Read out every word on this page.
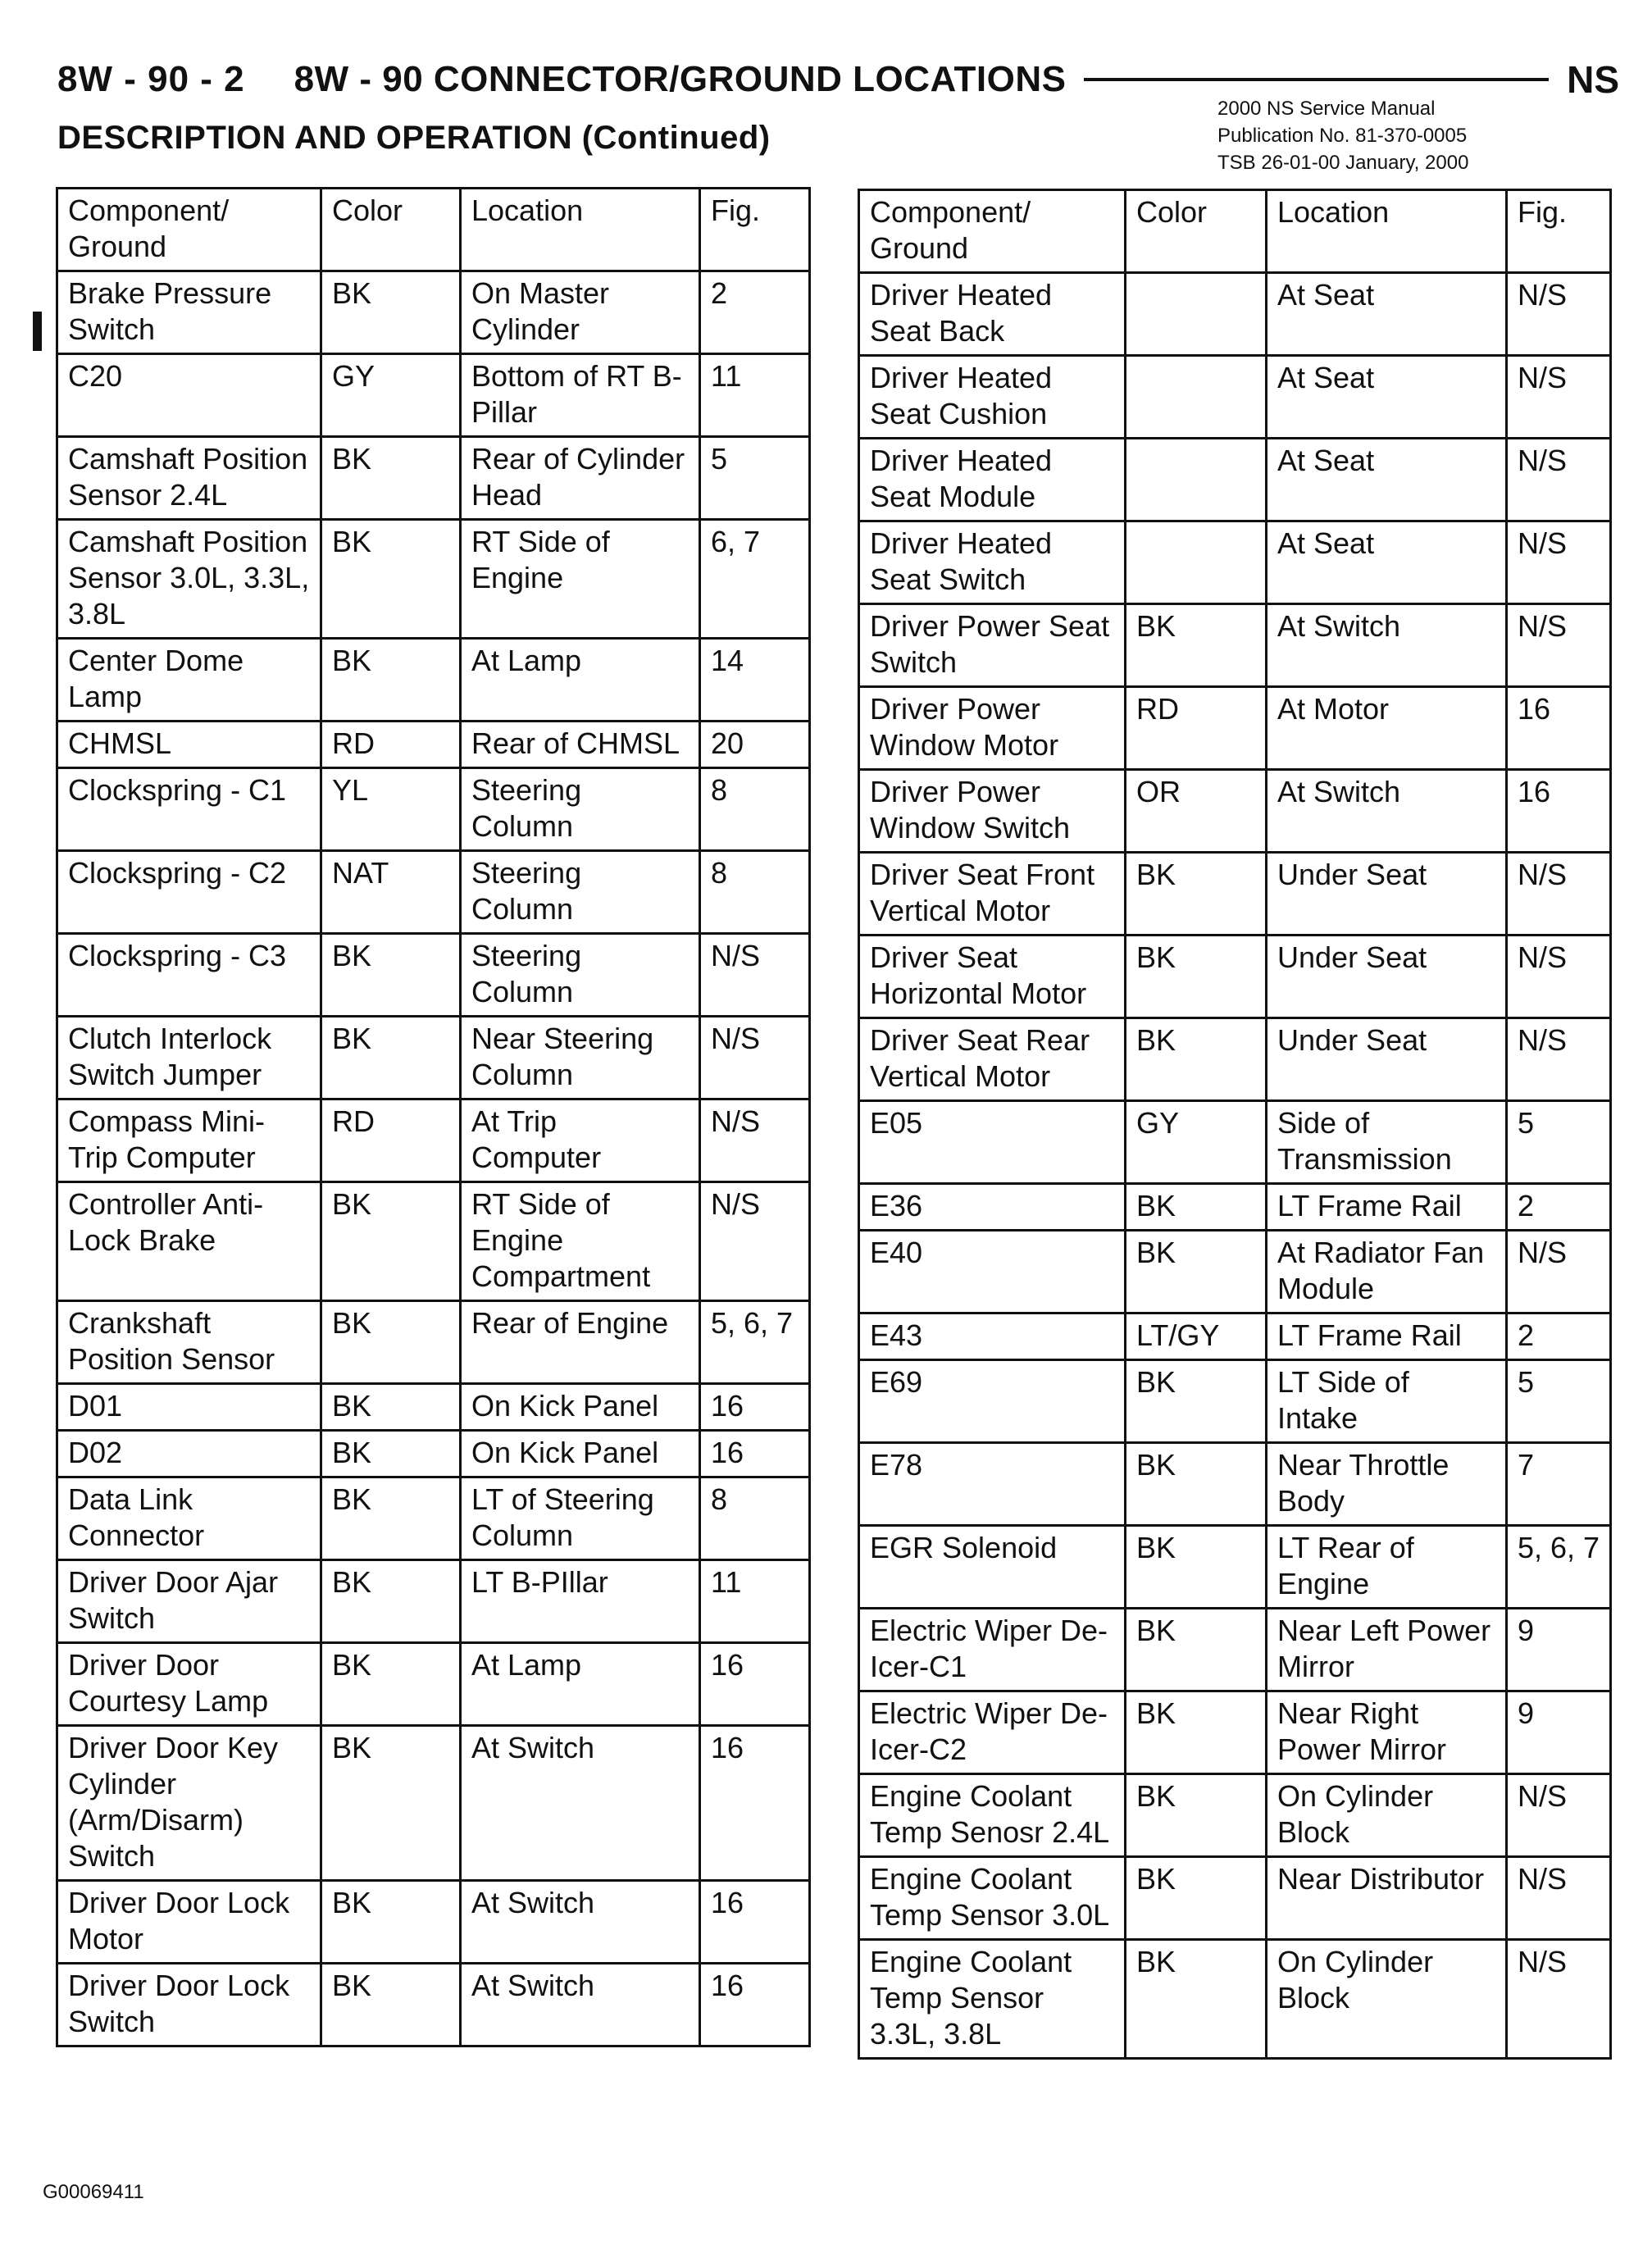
8W - 90 - 2 8W - 90 CONNECTOR/GROUND LOCATIONS	NS
DESCRIPTION AND OPERATION (Continued)
2000 NS Service Manual
Publication No. 81-370-0005
TSB 26-01-00 January, 2000
Component/ Ground	Color	Location	Fig.
Brake Pressure Switch	BK	On Master Cylinder	2
C20	GY	Bottom of RT B-Pillar	11
Camshaft Position Sensor 2.4L	BK	Rear of Cylinder Head	5
Camshaft Position Sensor 3.0L, 3.3L, 3.8L	BK	RT Side of Engine	6, 7
Center Dome Lamp	BK	At Lamp	14
CHMSL	RD	Rear of CHMSL	20
Clockspring - C1	YL	Steering Column	8
Clockspring - C2	NAT	Steering Column	8
Clockspring - C3	BK	Steering Column	N/S
Clutch Interlock Switch Jumper	BK	Near Steering Column	N/S
Compass Mini-Trip Computer	RD	At Trip Computer	N/S
Controller Anti-Lock Brake	BK	RT Side of Engine Compartment	N/S
Crankshaft Position Sensor	BK	Rear of Engine	5, 6, 7
D01	BK	On Kick Panel	16
D02	BK	On Kick Panel	16
Data Link Connector	BK	LT of Steering Column	8
Driver Door Ajar Switch	BK	LT B-PIllar	11
Driver Door Courtesy Lamp	BK	At Lamp	16
Driver Door Key Cylinder (Arm/Disarm) Switch	BK	At Switch	16
Driver Door Lock Motor	BK	At Switch	16
Driver Door Lock Switch	BK	At Switch	16
Component/ Ground	Color	Location	Fig.
Driver Heated Seat Back		At Seat	N/S
Driver Heated Seat Cushion		At Seat	N/S
Driver Heated Seat Module		At Seat	N/S
Driver Heated Seat Switch		At Seat	N/S
Driver Power Seat Switch	BK	At Switch	N/S
Driver Power Window Motor	RD	At Motor	16
Driver Power Window Switch	OR	At Switch	16
Driver Seat Front Vertical Motor	BK	Under Seat	N/S
Driver Seat Horizontal Motor	BK	Under Seat	N/S
Driver Seat Rear Vertical Motor	BK	Under Seat	N/S
E05	GY	Side of Transmission	5
E36	BK	LT Frame Rail	2
E40	BK	At Radiator Fan Module	N/S
E43	LT/GY	LT Frame Rail	2
E69	BK	LT Side of Intake	5
E78	BK	Near Throttle Body	7
EGR Solenoid	BK	LT Rear of Engine	5, 6, 7
Electric Wiper De-Icer-C1	BK	Near Left Power Mirror	9
Electric Wiper De-Icer-C2	BK	Near Right Power Mirror	9
Engine Coolant Temp Senosr 2.4L	BK	On Cylinder Block	N/S
Engine Coolant Temp Sensor 3.0L	BK	Near Distributor	N/S
Engine Coolant Temp Sensor 3.3L, 3.8L	BK	On Cylinder Block	N/S
G00069411
